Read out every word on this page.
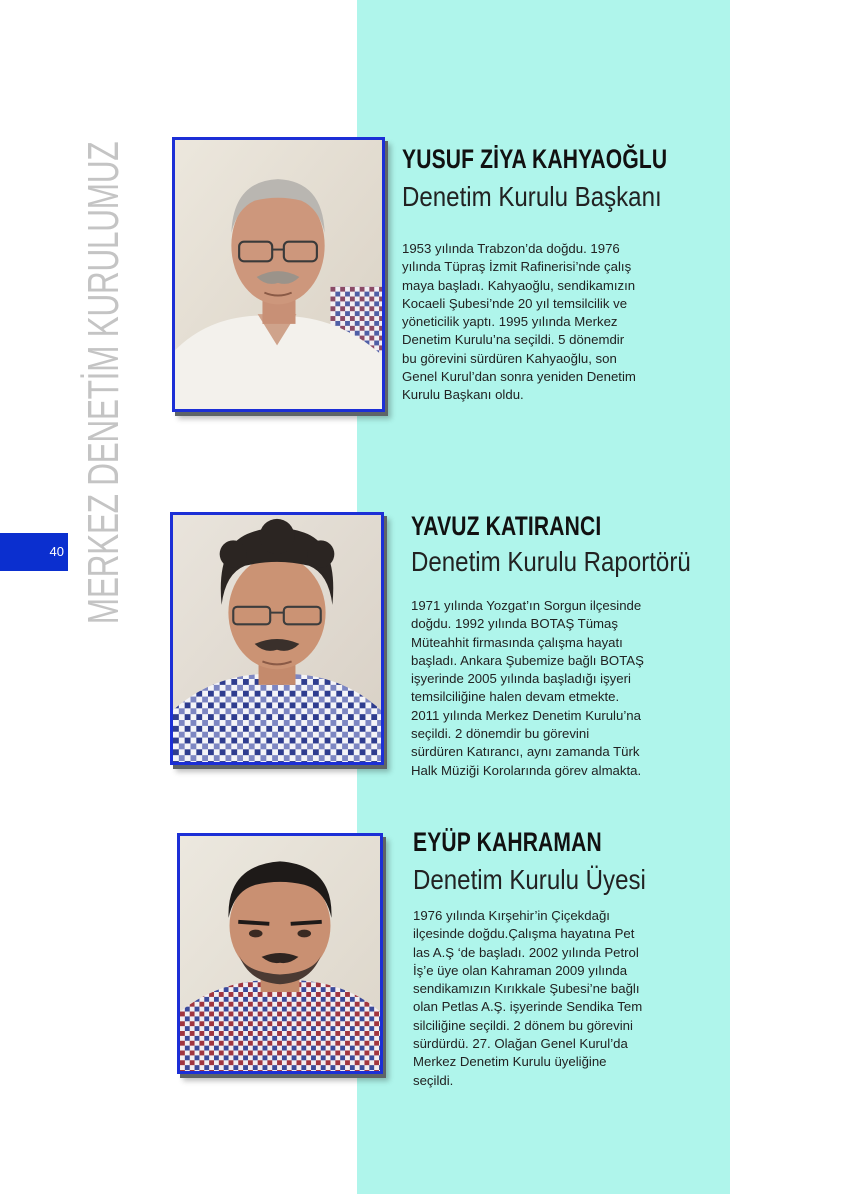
MERKEZ DENETİM KURULUMUZ
40
YUSUF ZİYA KAHYAOĞLU
Denetim Kurulu Başkanı
1953 yılında Trabzon’da doğdu. 1976
yılında Tüpraş İzmit Rafinerisi’nde çalış
maya başladı. Kahyaoğlu, sendikamızın
Kocaeli Şubesi’nde 20 yıl temsilcilik ve
yöneticilik yaptı. 1995 yılında Merkez
Denetim Kurulu’na seçildi. 5 dönemdir
bu görevini sürdüren Kahyaoğlu, son
Genel Kurul’dan sonra yeniden Denetim
Kurulu Başkanı oldu.
YAVUZ KATIRANCI
Denetim Kurulu Raportörü
1971 yılında Yozgat’ın Sorgun ilçesinde
doğdu. 1992 yılında BOTAŞ Tümaş
Müteahhit firmasında çalışma hayatı
başladı. Ankara Şubemize bağlı BOTAŞ
işyerinde 2005 yılında başladığı işyeri
temsilciliğine halen devam etmekte.
2011 yılında Merkez Denetim Kurulu’na
seçildi. 2 dönemdir bu görevini
sürdüren Katırancı, aynı zamanda Türk
Halk Müziği Korolarında görev almakta.
EYÜP KAHRAMAN
Denetim Kurulu Üyesi
1976 yılında Kırşehir’in Çiçekdağı
ilçesinde doğdu.Çalışma hayatına Pet
las A.Ş ‘de başladı. 2002 yılında Petrol
İş’e üye olan Kahraman 2009 yılında
sendikamızın Kırıkkale Şubesi’ne bağlı
olan Petlas A.Ş. işyerinde Sendika Tem
silciliğine seçildi. 2 dönem bu görevini
sürdürdü. 27. Olağan Genel Kurul’da
Merkez Denetim Kurulu üyeliğine
seçildi.
